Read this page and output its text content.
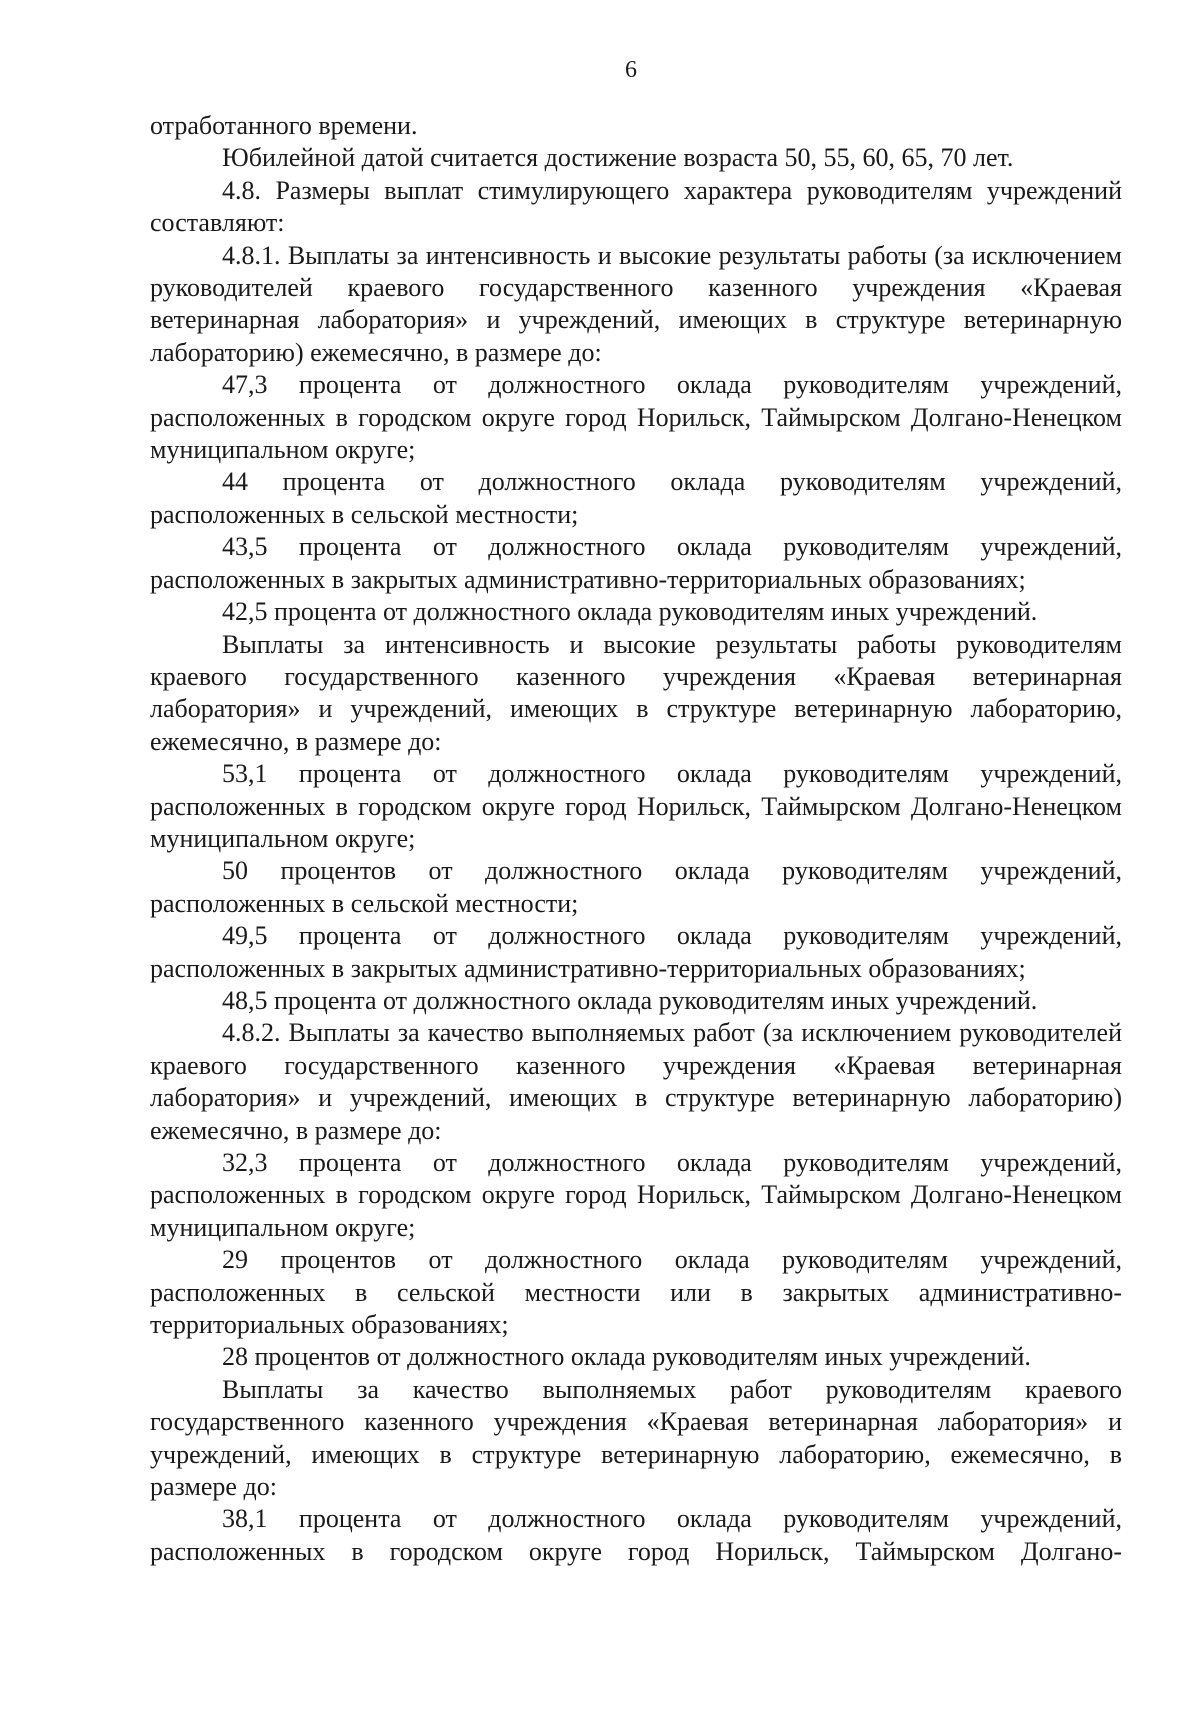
6

отработанного времени.

Юбилейной датой считается достижение возраста 50, 55, 60, 65, 70 лет.

4.8. Размеры выплат стимулирующего характера руководителям учреждений составляют:

4.8.1. Выплаты за интенсивность и высокие результаты работы (за исключением руководителей краевого государственного казенного учреждения «Краевая ветеринарная лаборатория» и учреждений, имеющих в структуре ветеринарную лабораторию) ежемесячно, в размере до:

47,3 процента от должностного оклада руководителям учреждений, расположенных в городском округе город Норильск, Таймырском Долгано-Ненецком муниципальном округе;

44 процента от должностного оклада руководителям учреждений, расположенных в сельской местности;

43,5 процента от должностного оклада руководителям учреждений, расположенных в закрытых административно-территориальных образованиях;

42,5 процента от должностного оклада руководителям иных учреждений.

Выплаты за интенсивность и высокие результаты работы руководителям краевого государственного казенного учреждения «Краевая ветеринарная лаборатория» и учреждений, имеющих в структуре ветеринарную лабораторию, ежемесячно, в размере до:

53,1 процента от должностного оклада руководителям учреждений, расположенных в городском округе город Норильск, Таймырском Долгано-Ненецком муниципальном округе;

50 процентов от должностного оклада руководителям учреждений, расположенных в сельской местности;

49,5 процента от должностного оклада руководителям учреждений, расположенных в закрытых административно-территориальных образованиях;

48,5 процента от должностного оклада руководителям иных учреждений.

4.8.2. Выплаты за качество выполняемых работ (за исключением руководителей краевого государственного казенного учреждения «Краевая ветеринарная лаборатория» и учреждений, имеющих в структуре ветеринарную лабораторию) ежемесячно, в размере до:

32,3 процента от должностного оклада руководителям учреждений, расположенных в городском округе город Норильск, Таймырском Долгано-Ненецком муниципальном округе;

29 процентов от должностного оклада руководителям учреждений, расположенных в сельской местности или в закрытых административно-территориальных образованиях;

28 процентов от должностного оклада руководителям иных учреждений.

Выплаты за качество выполняемых работ руководителям краевого государственного казенного учреждения «Краевая ветеринарная лаборатория» и учреждений, имеющих в структуре ветеринарную лабораторию, ежемесячно, в размере до:

38,1 процента от должностного оклада руководителям учреждений, расположенных в городском округе город Норильск, Таймырском Долгано-
